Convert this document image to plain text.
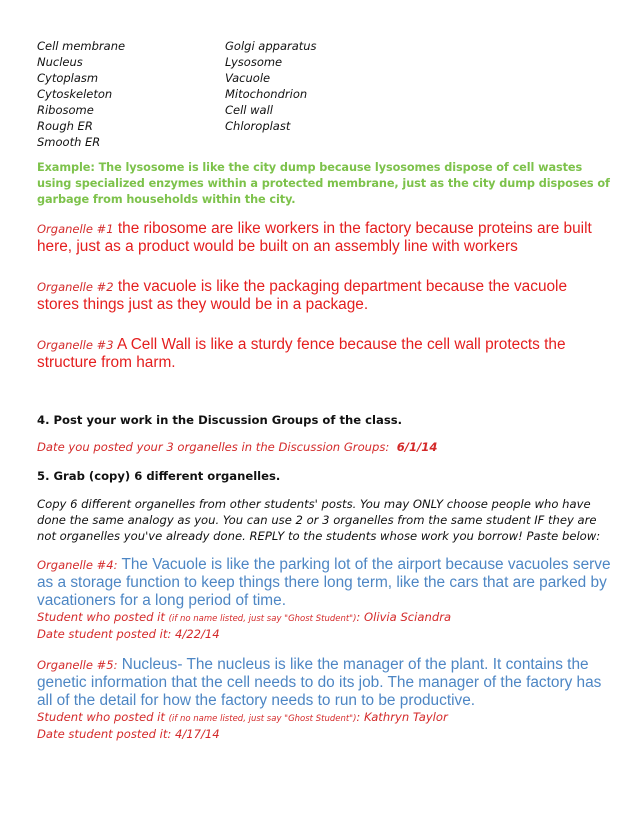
Cell membrane
Nucleus
Cytoplasm
Cytoskeleton
Ribosome
Rough ER
Smooth ER
Golgi apparatus
Lysosome
Vacuole
Mitochondrion
Cell wall
Chloroplast
Example: The lysosome is like the city dump because lysosomes dispose of cell wastes using specialized enzymes within a protected membrane, just as the city dump disposes of garbage from households within the city.
Organelle #1 the ribosome are like workers in the factory because proteins are built here, just as a product would be built on an assembly line with workers
Organelle #2 the vacuole is like the packaging department because the vacuole stores things just as they would be in a package.
Organelle #3 A Cell Wall is like a sturdy fence because the cell wall protects the structure from harm.
4. Post your work in the Discussion Groups of the class.
Date you posted your 3 organelles in the Discussion Groups: 6/1/14
5. Grab (copy) 6 different organelles.
Copy 6 different organelles from other students' posts. You may ONLY choose people who have done the same analogy as you. You can use 2 or 3 organelles from the same student IF they are not organelles you've already done. REPLY to the students whose work you borrow! Paste below:
Organelle #4: The Vacuole is like the parking lot of the airport because vacuoles serve as a storage function to keep things there long term, like the cars that are parked by vacationers for a long period of time.
Student who posted it (if no name listed, just say "Ghost Student"): Olivia Sciandra
Date student posted it: 4/22/14
Organelle #5: Nucleus- The nucleus is like the manager of the plant. It contains the genetic information that the cell needs to do its job. The manager of the factory has all of the detail for how the factory needs to run to be productive.
Student who posted it (if no name listed, just say "Ghost Student"): Kathryn Taylor
Date student posted it: 4/17/14
